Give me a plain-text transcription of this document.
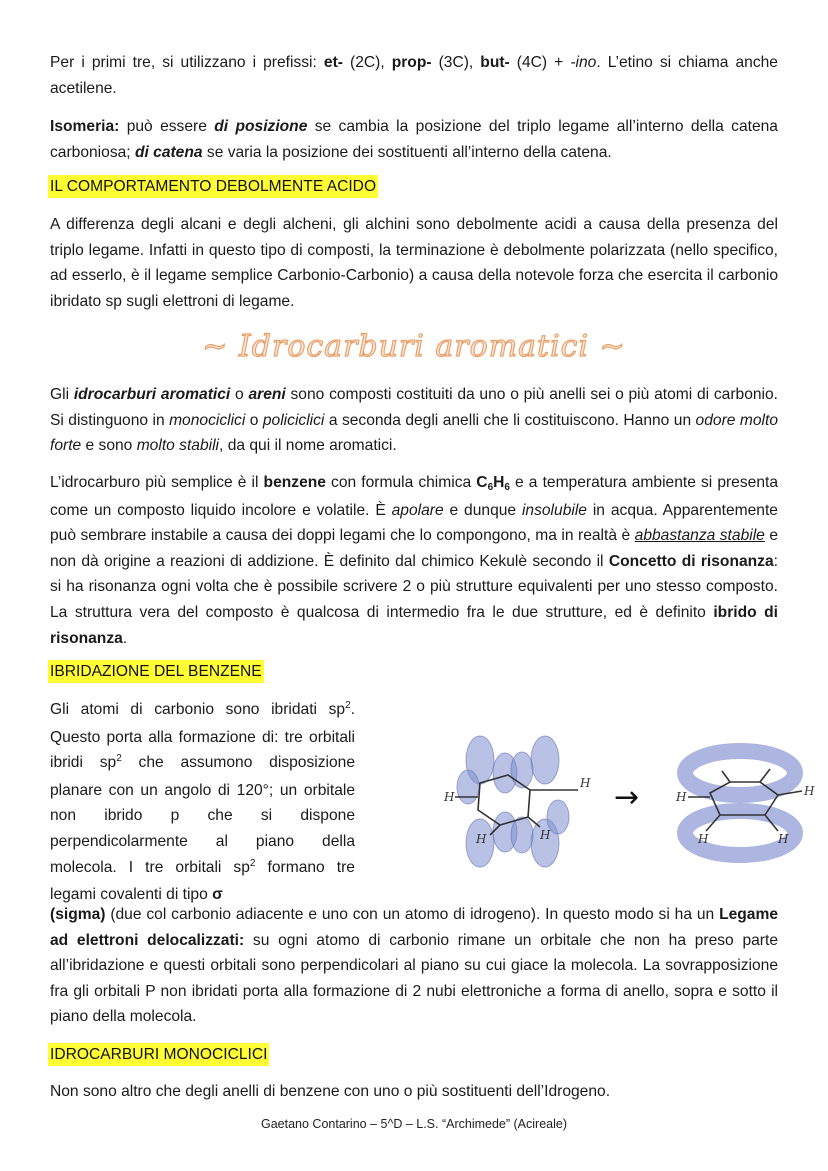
Per i primi tre, si utilizzano i prefissi: et- (2C), prop- (3C), but- (4C) + -ino. L’etino si chiama anche acetilene.

Isomeria: può essere di posizione se cambia la posizione del triplo legame all’interno della catena carboniosa; di catena se varia la posizione dei sostituenti all’interno della catena.

IL COMPORTAMENTO DEBOLMENTE ACIDO

A differenza degli alcani e degli alcheni, gli alchini sono debolmente acidi a causa della presenza del triplo legame. Infatti in questo tipo di composti, la terminazione è debolmente polarizzata (nello specifico, ad esserlo, è il legame semplice Carbonio-Carbonio) a causa della notevole forza che esercita il carbonio ibridato sp sugli elettroni di legame.

~ Idrocarburi aromatici ~

Gli idrocarburi aromatici o areni sono composti costituiti da uno o più anelli sei o più atomi di carbonio. Si distinguono in monociclici o policiclici a seconda degli anelli che li costituiscono. Hanno un odore molto forte e sono molto stabili, da qui il nome aromatici.

L’idrocarburo più semplice è il benzene con formula chimica $C_6H_6$ e a temperatura ambiente si presenta come un composto liquido incolore e volatile. È apolare e dunque insolubile in acqua. Apparentemente può sembrare instabile a causa dei doppi legami che lo compongono, ma in realtà è abbastanza stabile e non dà origine a reazioni di addizione. È definito dal chimico Kekulè secondo il Concetto di risonanza: si ha risonanza ogni volta che è possibile scrivere 2 o più strutture equivalenti per uno stesso composto. La struttura vera del composto è qualcosa di intermedio fra le due strutture, ed è definito ibrido di risonanza.

IBRIDAZIONE DEL BENZENE

Gli atomi di carbonio sono ibridati $sp^2$. Questo porta alla formazione di: tre orbitali ibridi $sp^2$ che assumono disposizione planare con un angolo di 120°; un orbitale non ibrido p che si dispone perpendicolarmente al piano della molecola. I tre orbitali $sp^2$ formano tre legami covalenti di tipo σ

H
H
H	H
→	H	H
H	H

(sigma) (due col carbonio adiacente e uno con un atomo di idrogeno). In questo modo si ha un Legame ad elettroni delocalizzati: su ogni atomo di carbonio rimane un orbitale che non ha preso parte all’ibridazione e questi orbitali sono perpendicolari al piano su cui giace la molecola. La sovrapposizione fra gli orbitali P non ibridati porta alla formazione di 2 nubi elettroniche a forma di anello, sopra e sotto il piano della molecola.

IDROCARBURI MONOCICLICI

Non sono altro che degli anelli di benzene con uno o più sostituenti dell’Idrogeno.

Gaetano Contarino – 5^D – L.S. “Archimede” (Acireale)
